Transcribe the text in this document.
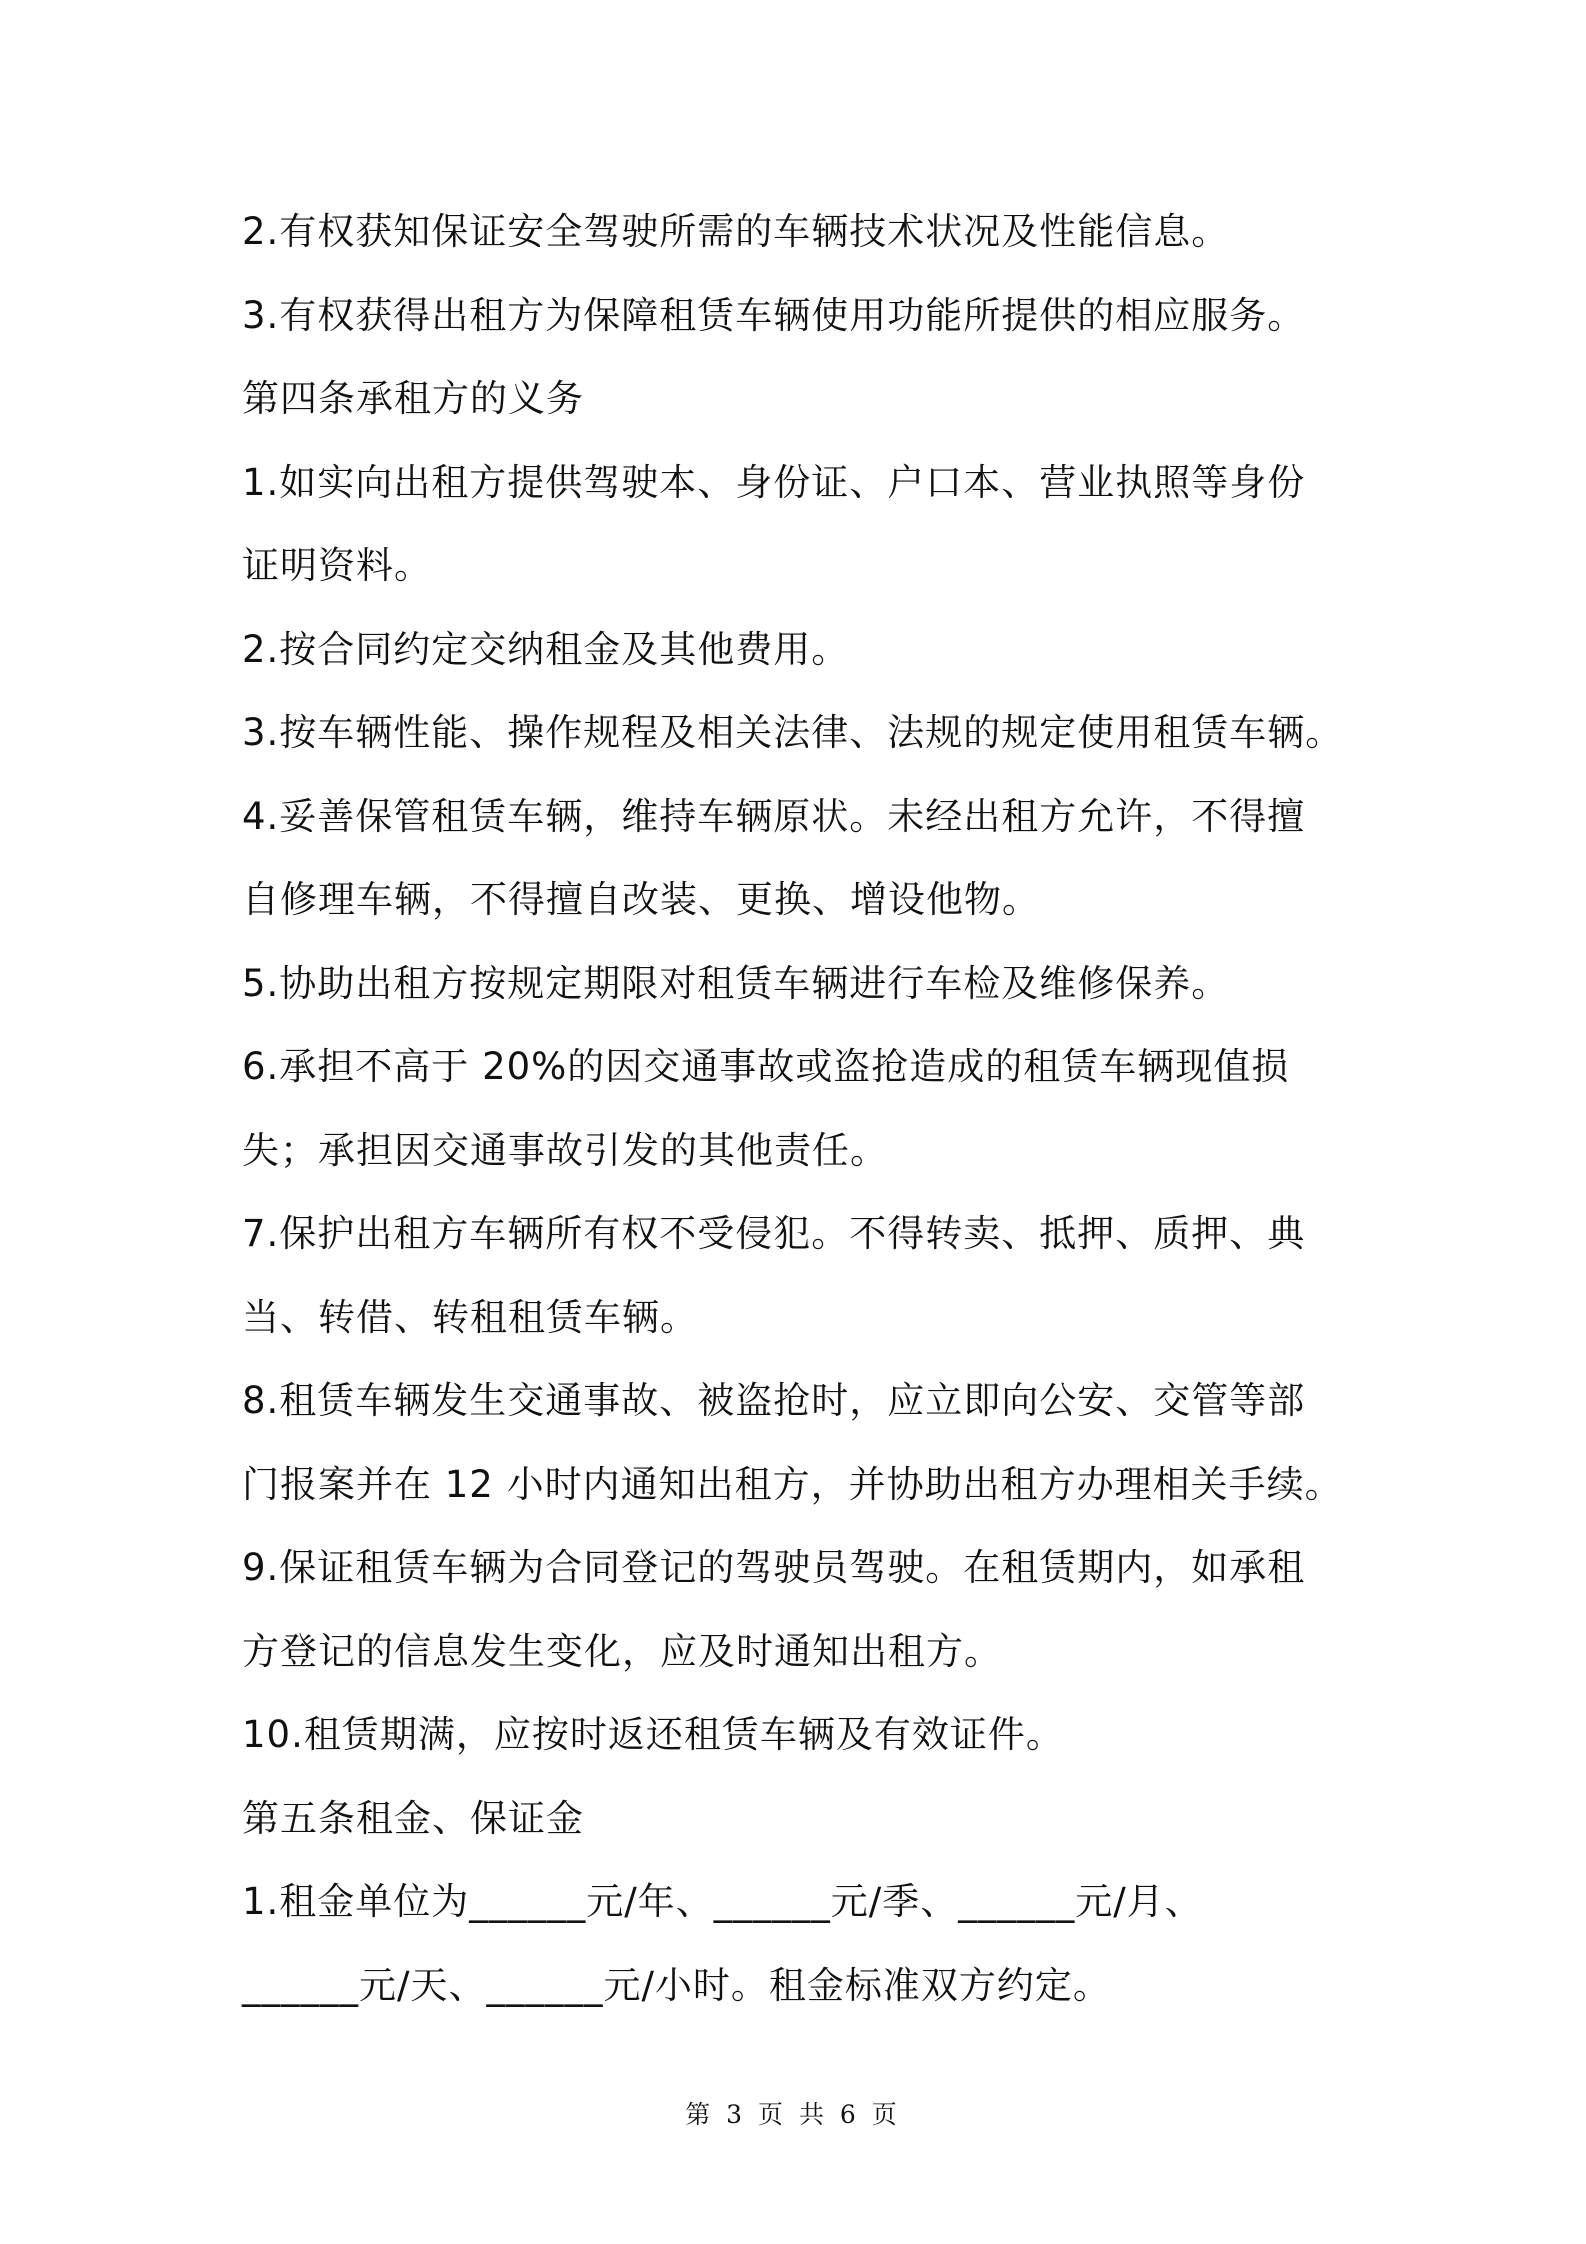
2.有权获知保证安全驾驶所需的车辆技术状况及性能信息。
3.有权获得出租方为保障租赁车辆使用功能所提供的相应服务。
第四条承租方的义务
1.如实向出租方提供驾驶本、身份证、户口本、营业执照等身份
证明资料。
2.按合同约定交纳租金及其他费用。
3.按车辆性能、操作规程及相关法律、法规的规定使用租赁车辆。
4.妥善保管租赁车辆，维持车辆原状。未经出租方允许，不得擅
自修理车辆，不得擅自改装、更换、增设他物。
5.协助出租方按规定期限对租赁车辆进行车检及维修保养。
6.承担不高于 20%的因交通事故或盗抢造成的租赁车辆现值损
失；承担因交通事故引发的其他责任。
7.保护出租方车辆所有权不受侵犯。不得转卖、抵押、质押、典
当、转借、转租租赁车辆。
8.租赁车辆发生交通事故、被盗抢时，应立即向公安、交管等部
门报案并在 12 小时内通知出租方，并协助出租方办理相关手续。
9.保证租赁车辆为合同登记的驾驶员驾驶。在租赁期内，如承租
方登记的信息发生变化，应及时通知出租方。
10.租赁期满，应按时返还租赁车辆及有效证件。
第五条租金、保证金
1.租金单位为______元/年、______元/季、______元/月、
______元/天、______元/小时。租金标准双方约定。
第 3 页 共 6 页
